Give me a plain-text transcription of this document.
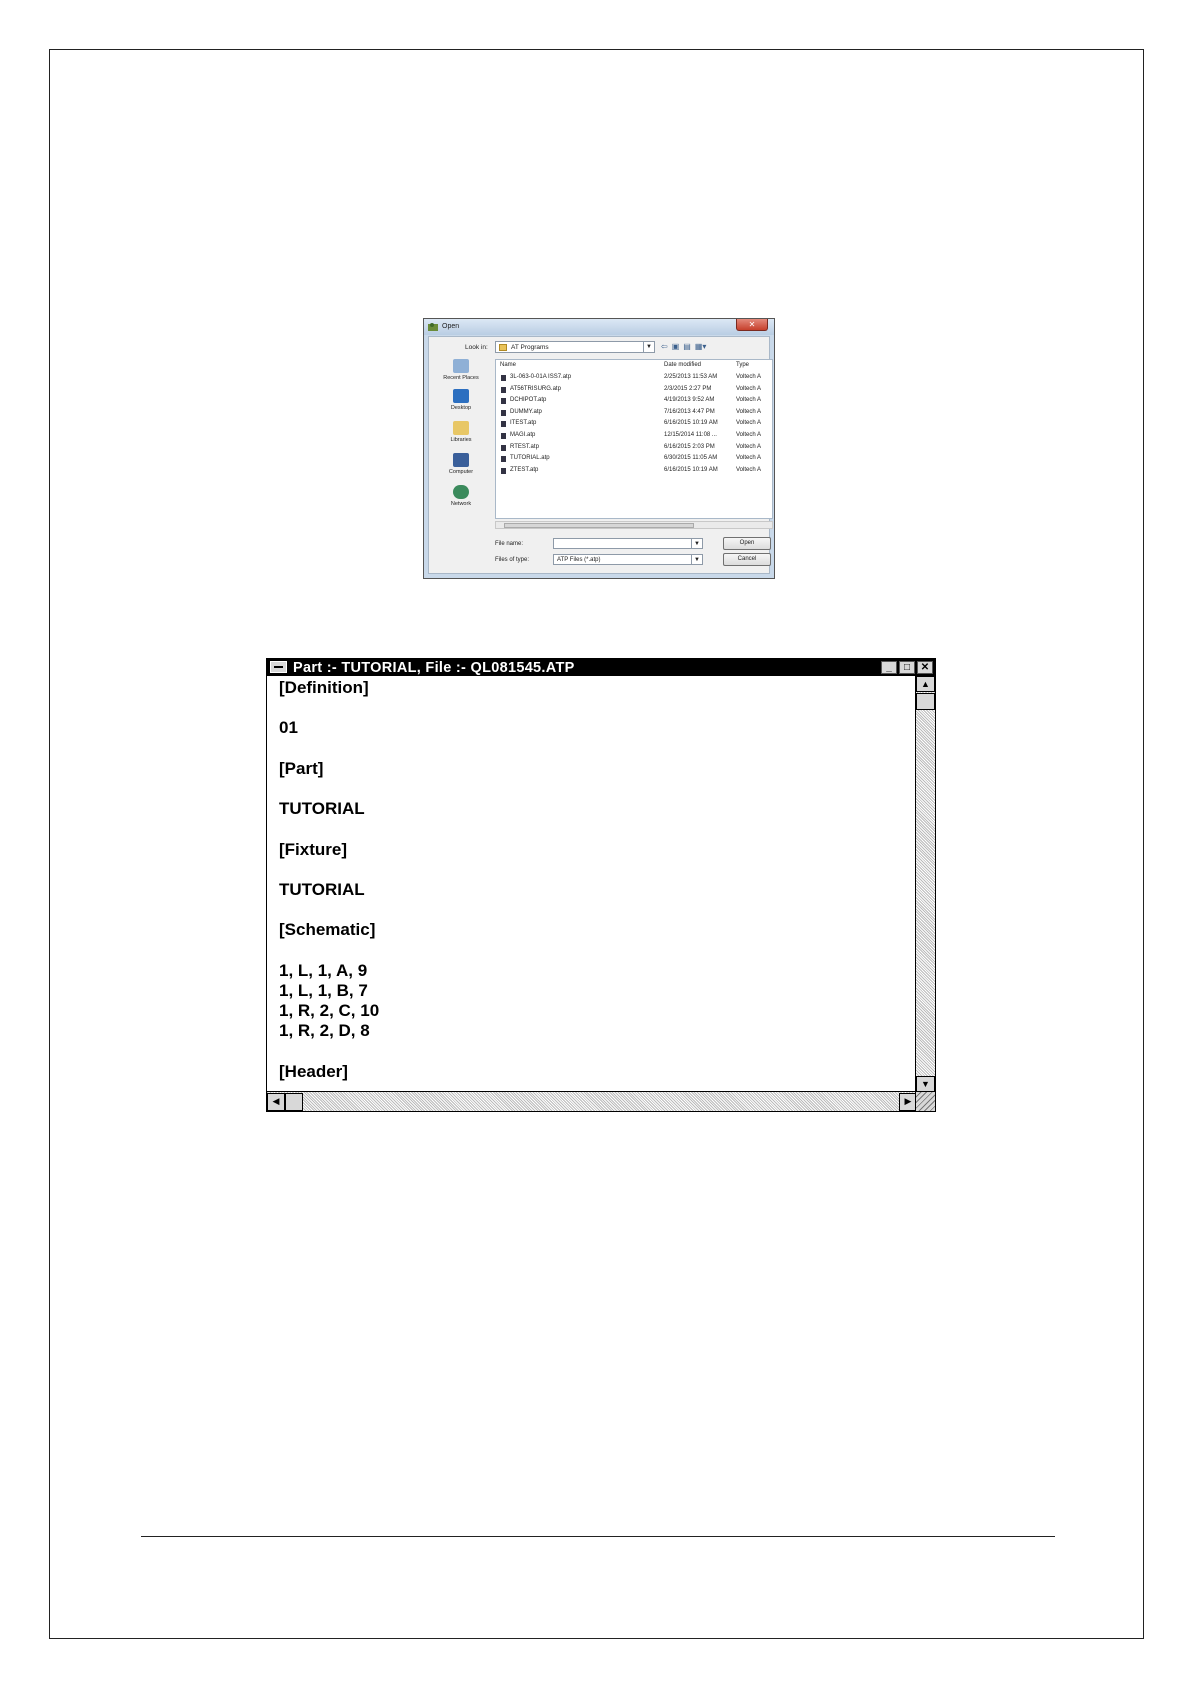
Open	✕
Look in:	AT Programs	▼ ⇦ ▣ ▤ ▦▾
Recent Places
Desktop
Libraries
Computer
Network
Name	Date modified	Type
3L-063-0-01A ISS7.atp	2/25/2013 11:53 AM	Voltech A
AT56TRISURG.atp	2/3/2015 2:27 PM	Voltech A
DCHIPOT.atp	4/19/2013 9:52 AM	Voltech A
DUMMY.atp	7/16/2013 4:47 PM	Voltech A
ITEST.atp	6/16/2015 10:19 AM	Voltech A
MAGI.atp	12/15/2014 11:08 ...	Voltech A
RTEST.atp	6/16/2015 2:03 PM	Voltech A
TUTORIAL.atp	6/30/2015 11:05 AM	Voltech A
ZTEST.atp	6/16/2015 10:19 AM	Voltech A
File name:	▼
Files of type:	ATP Files (*.atp)	▼
Open
Cancel
Part :- TUTORIAL, File :- QL081545.ATP	_	□	✕
[Definition]
01
[Part]
TUTORIAL
[Fixture]
TUTORIAL
[Schematic]
1, L, 1, A, 9
1, L, 1, B, 7
1, R, 2, C, 10
1, R, 2, D, 8
[Header]
▲
▼
◀	▶
